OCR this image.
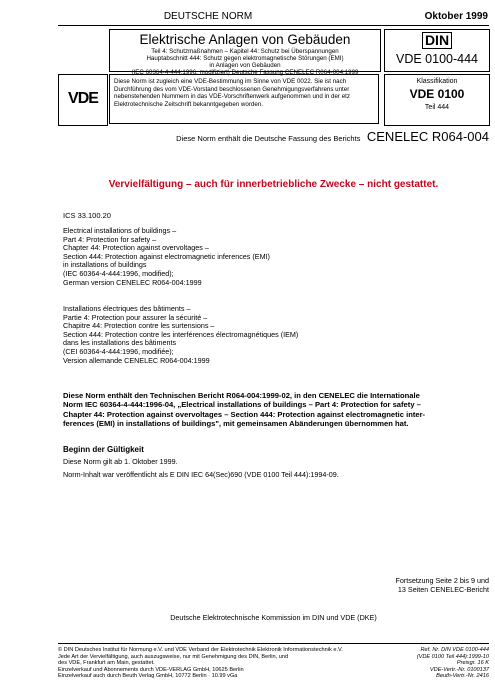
DEUTSCHE NORM	Oktober 1999
Elektrische Anlagen von Gebäuden
Teil 4: Schutzmaßnahmen – Kapitel 44: Schutz bei Überspannungen
Hauptabschnitt 444: Schutz gegen elektromagnetische Störungen (EMI)
in Anlagen von Gebäuden
(IEC 60364-4-444:1996, modifiziert) Deutsche Fassung CENELEC R064-004:1999
DIN
VDE 0100-444
VDE
Diese Norm ist zugleich eine VDE-Bestimmung im Sinne von VDE 0022. Sie ist nach
Durchführung des vom VDE-Vorstand beschlossenen Genehmigungsverfahrens unter
nebenstehenden Nummern in das VDE-Vorschriftenwerk aufgenommen und in der etz
Elektrotechnische Zeitschrift bekanntgegeben worden.
Klassifikation
VDE 0100
Teil 444
Diese Norm enthält die Deutsche Fassung des Berichts CENELEC R064-004
Vervielfältigung – auch für innerbetriebliche Zwecke – nicht gestattet.
ICS 33.100.20
Electrical installations of buildings –
Part 4: Protection for safety –
Chapter 44: Protection against overvoltages –
Section 444: Protection against electromagnetic inferences (EMI)
in installations of buildings
(IEC 60364-4-444:1996, modified);
German version CENELEC R064-004:1999
Installations électriques des bâtiments –
Partie 4: Protection pour assurer la sécurité –
Chapitre 44: Protection contre les surtensions –
Section 444: Protection contre les interférences électromagnétiques (IEM)
dans les installations des bâtiments
(CEI 60364-4-444:1996, modifiée);
Version allemande CENELEC R064-004:1999
Diese Norm enthält den Technischen Bericht R064-004:1999-02, in den CENELEC die Internationale
Norm IEC 60364-4-444:1996-04, „Electrical installations of buildings – Part 4: Protection for safety –
Chapter 44: Protection against overvoltages – Section 444: Protection against electromagnetic inter-
ferences (EMI) in installations of buildings", mit gemeinsamen Abänderungen übernommen hat.
Beginn der Gültigkeit
Diese Norm gilt ab 1. Oktober 1999.
Norm-Inhalt war veröffentlicht als E DIN IEC 64(Sec)690 (VDE 0100 Teil 444):1994-09.
Fortsetzung Seite 2 bis 9 und
13 Seiten CENELEC-Bericht
Deutsche Elektrotechnische Kommission im DIN und VDE (DKE)
© DIN Deutsches Institut für Normung e.V. und VDE Verband der Elektrotechnik Elektronik Informationstechnik e.V.
Jede Art der Vervielfältigung, auch auszugsweise, nur mit Genehmigung des DIN, Berlin, und
des VDE, Frankfurt am Main, gestattet.
Einzelverkauf und Abonnements durch VDE-VERLAG GmbH, 10625 Berlin
Einzelverkauf auch durch Beuth Verlag GmbH, 10772 Berlin · 10.99 vGa
Ref. Nr. DIN VDE 0100-444
(VDE 0100 Teil 444):1999-10
Preisgr. 16 K
VDE-Vertr.-Nr. 0100137
Beuth-Vertr.-Nr. 2416
